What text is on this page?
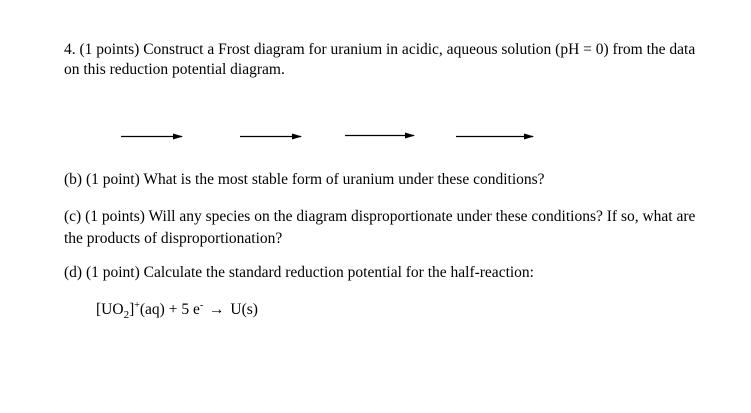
4. (1 points) Construct a Frost diagram for uranium in acidic, aqueous solution (pH = 0) from the data on this reduction potential diagram.

(b) (1 point) What is the most stable form of uranium under these conditions?

(c) (1 points) Will any species on the diagram disproportionate under these conditions? If so, what are the products of disproportionation?

(d) (1 point) Calculate the standard reduction potential for the half-reaction:

$[UO_2]^+(aq) + 5$ e- → U(s)
